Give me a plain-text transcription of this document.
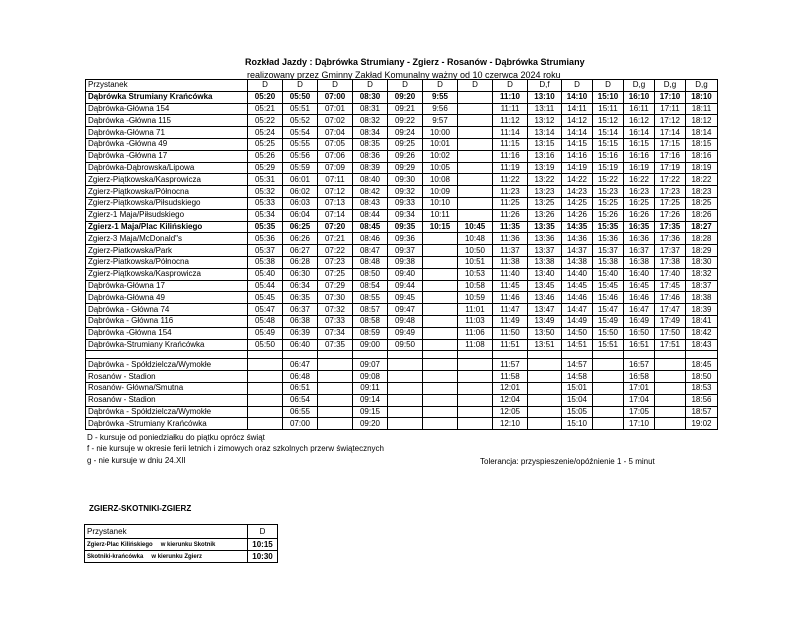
Rozkład Jazdy : Dąbrówka Strumiany - Zgierz - Rosanów - Dąbrówka Strumiany
realizowany przez Gminny Zakład Komunalny ważny od 10 czerwca 2024 roku
Przystanek	D	D	D	D	D	D	D	D	D,f	D	D	D,g	D,g	D,g
Dąbrówka Strumiany Krańcówka	05:20	05:50	07:00	08:30	09:20	9:55		11:10	13:10	14:10	15:10	16:10	17:10	18:10
Dąbrówka-Główna 154	05:21	05:51	07:01	08:31	09:21	9:56		11:11	13:11	14:11	15:11	16:11	17:11	18:11
Dąbrówka -Główna 115	05:22	05:52	07:02	08:32	09:22	9:57		11:12	13:12	14:12	15:12	16:12	17:12	18:12
Dąbrówka-Główna 71	05:24	05:54	07:04	08:34	09:24	10:00		11:14	13:14	14:14	15:14	16:14	17:14	18:14
Dąbrówka -Główna 49	05:25	05:55	07:05	08:35	09:25	10:01		11:15	13:15	14:15	15:15	16:15	17:15	18:15
Dąbrówka -Główna 17	05:26	05:56	07:06	08:36	09:26	10:02		11:16	13:16	14:16	15:16	16:16	17:16	18:16
Dąbrówka-Dąbrowska/Lipowa	05:29	05:59	07:09	08:39	09:29	10:05		11:19	13:19	14:19	15:19	16:19	17:19	18:19
Zgierz-Piątkowska/Kasprowicza	05:31	06:01	07:11	08:40	09:30	10:08		11:22	13:22	14:22	15:22	16:22	17:22	18:22
Zgierz-Piątkowska/Północna	05:32	06:02	07:12	08:42	09:32	10:09		11:23	13:23	14:23	15:23	16:23	17:23	18:23
Zgierz-Piątkowska/Piłsudskiego	05:33	06:03	07:13	08:43	09:33	10:10		11:25	13:25	14:25	15:25	16:25	17:25	18:25
Zgierz-1 Maja/Piłsudskiego	05:34	06:04	07:14	08:44	09:34	10:11		11:26	13:26	14:26	15:26	16:26	17:26	18:26
Zgierz-1 Maja/Plac Kilińskiego	05:35	06:25	07:20	08:45	09:35	10:15	10:45	11:35	13:35	14:35	15:35	16:35	17:35	18:27
Zgierz-3 Maja/McDonald"s	05:36	06:26	07:21	08:46	09:36		10:48	11:36	13:36	14:36	15:36	16:36	17:36	18:28
Zgierz-Piatkowska/Park	05:37	06:27	07:22	08:47	09:37		10:50	11:37	13:37	14:37	15:37	16:37	17:37	18:29
Zgierz-Piatkowska/Północna	05:38	06:28	07:23	08:48	09:38		10:51	11:38	13:38	14:38	15:38	16:38	17:38	18:30
Zgierz-Piątkowska/Kasprowicza	05:40	06:30	07:25	08:50	09:40		10:53	11:40	13:40	14:40	15:40	16:40	17:40	18:32
Dąbrówka-Główna 17	05:44	06:34	07:29	08:54	09:44		10:58	11:45	13:45	14:45	15:45	16:45	17:45	18:37
Dąbrówka-Główna 49	05:45	06:35	07:30	08:55	09:45		10:59	11:46	13:46	14:46	15:46	16:46	17:46	18:38
Dąbrówka - Główna 74	05:47	06:37	07:32	08:57	09:47		11:01	11:47	13:47	14:47	15:47	16:47	17:47	18:39
Dąbrówka - Główna 116	05:48	06:38	07:33	08:58	09:48		11:03	11:49	13:49	14:49	15:49	16:49	17:49	18:41
Dąbrówka -Główna 154	05:49	06:39	07:34	08:59	09:49		11:06	11:50	13:50	14:50	15:50	16:50	17:50	18:42
Dąbrówka-Strumiany Krańcówka	05:50	06:40	07:35	09:00	09:50		11:08	11:51	13:51	14:51	15:51	16:51	17:51	18:43

Dąbrówka - Spółdzielcza/Wymokłe		06:47		09:07				11:57		14:57		16:57		18:45
Rosanów - Stadion		06:48		09:08				11:58		14:58		16:58		18:50
Rosanów- Główna/Smutna		06:51		09:11				12:01		15:01		17:01		18:53
Rosanów - Stadion		06:54		09:14				12:04		15:04		17:04		18:56
Dąbrówka - Spółdzielcza/Wymokłe		06:55		09:15				12:05		15:05		17:05		18:57
Dąbrówka -Strumiany Krańcówka		07:00		09:20				12:10		15:10		17:10		19:02
D - kursuje od poniedziałku do piątku oprócz świąt
f - nie kursuje w okresie ferii letnich i zimowych oraz szkolnych przerw świątecznych
g - nie kursuje w dniu 24.XII	Tolerancja: przyspieszenie/opóźnienie 1 - 5 minut
ZGIERZ-SKOTNIKI-ZGIERZ
Przystanek	D
Zgierz-Plac Kilińskiego w kierunku Skotnik	10:15
Skotniki-krańcówka w kierunku Zgierz	10:30
